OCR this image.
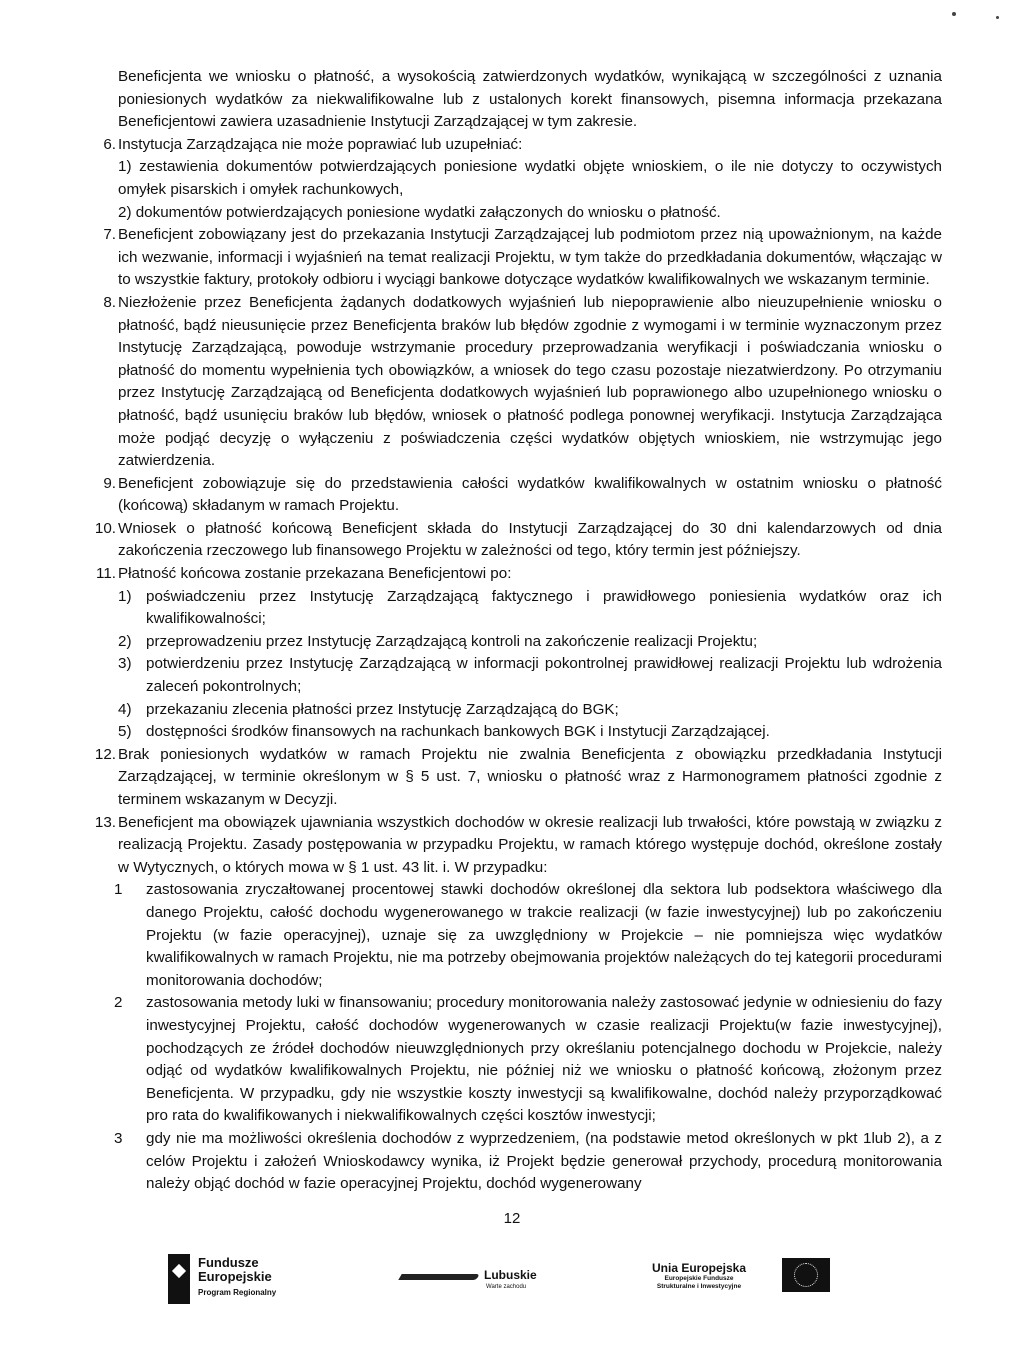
Beneficjenta we wniosku o płatność, a wysokością zatwierdzonych wydatków, wynikającą w szczególności z uznania poniesionych wydatków za niekwalifikowalne lub z ustalonych korekt finansowych, pisemna informacja przekazana Beneficjentowi zawiera uzasadnienie Instytucji Zarządzającej w tym zakresie.
6. Instytucja Zarządzająca nie może poprawiać lub uzupełniać:
1) zestawienia dokumentów potwierdzających poniesione wydatki objęte wnioskiem, o ile nie dotyczy to oczywistych omyłek pisarskich i omyłek rachunkowych,
2) dokumentów potwierdzających poniesione wydatki załączonych do wniosku o płatność.
7. Beneficjent zobowiązany jest do przekazania Instytucji Zarządzającej lub podmiotom przez nią upoważnionym, na każde ich wezwanie, informacji i wyjaśnień na temat realizacji Projektu, w tym także do przedkładania dokumentów, włączając w to wszystkie faktury, protokoły odbioru i wyciągi bankowe dotyczące wydatków kwalifikowalnych we wskazanym terminie.
8. Niezłożenie przez Beneficjenta żądanych dodatkowych wyjaśnień lub niepoprawienie albo nieuzupełnienie wniosku o płatność, bądź nieusunięcie przez Beneficjenta braków lub błędów zgodnie z wymogami i w terminie wyznaczonym przez Instytucję Zarządzającą, powoduje wstrzymanie procedury przeprowadzania weryfikacji i poświadczania wniosku o płatność do momentu wypełnienia tych obowiązków, a wniosek do tego czasu pozostaje niezatwierdzony. Po otrzymaniu przez Instytucję Zarządzającą od Beneficjenta dodatkowych wyjaśnień lub poprawionego albo uzupełnionego wniosku o płatność, bądź usunięciu braków lub błędów, wniosek o płatność podlega ponownej weryfikacji. Instytucja Zarządzająca może podjąć decyzję o wyłączeniu z poświadczenia części wydatków objętych wnioskiem, nie wstrzymując jego zatwierdzenia.
9. Beneficjent zobowiązuje się do przedstawienia całości wydatków kwalifikowalnych w ostatnim wniosku o płatność (końcową) składanym w ramach Projektu.
10. Wniosek o płatność końcową Beneficjent składa do Instytucji Zarządzającej do 30 dni kalendarzowych od dnia zakończenia rzeczowego lub finansowego Projektu w zależności od tego, który termin jest późniejszy.
11. Płatność końcowa zostanie przekazana Beneficjentowi po:
1) poświadczeniu przez Instytucję Zarządzającą faktycznego i prawidłowego poniesienia wydatków oraz ich kwalifikowalności;
2) przeprowadzeniu przez Instytucję Zarządzającą kontroli na zakończenie realizacji Projektu;
3) potwierdzeniu przez Instytucję Zarządzającą w informacji pokontrolnej prawidłowej realizacji Projektu lub wdrożenia zaleceń pokontrolnych;
4) przekazaniu zlecenia płatności przez Instytucję Zarządzającą do BGK;
5) dostępności środków finansowych na rachunkach bankowych BGK i Instytucji Zarządzającej.
12. Brak poniesionych wydatków w ramach Projektu nie zwalnia Beneficjenta z obowiązku przedkładania Instytucji Zarządzającej, w terminie określonym w § 5 ust. 7, wniosku o płatność wraz z Harmonogramem płatności zgodnie z terminem wskazanym w Decyzji.
13. Beneficjent ma obowiązek ujawniania wszystkich dochodów w okresie realizacji lub trwałości, które powstają w związku z realizacją Projektu. Zasady postępowania w przypadku Projektu, w ramach którego występuje dochód, określone zostały w Wytycznych, o których mowa w § 1 ust. 43 lit. i. W przypadku:
1 zastosowania zryczałtowanej procentowej stawki dochodów określonej dla sektora lub podsektora właściwego dla danego Projektu, całość dochodu wygenerowanego w trakcie realizacji (w fazie inwestycyjnej) lub po zakończeniu Projektu (w fazie operacyjnej), uznaje się za uwzględniony w Projekcie – nie pomniejsza więc wydatków kwalifikowalnych w ramach Projektu, nie ma potrzeby obejmowania projektów należących do tej kategorii procedurami monitorowania dochodów;
2 zastosowania metody luki w finansowaniu; procedury monitorowania należy zastosować jedynie w odniesieniu do fazy inwestycyjnej Projektu, całość dochodów wygenerowanych w czasie realizacji Projektu(w fazie inwestycyjnej), pochodzących ze źródeł dochodów nieuwzględnionych przy określaniu potencjalnego dochodu w Projekcie, należy odjąć od wydatków kwalifikowalnych Projektu, nie później niż we wniosku o płatność końcową, złożonym przez Beneficjenta. W przypadku, gdy nie wszystkie koszty inwestycji są kwalifikowalne, dochód należy przyporządkować pro rata do kwalifikowanych i niekwalifikowalnych części kosztów inwestycji;
3 gdy nie ma możliwości określenia dochodów z wyprzedzeniem, (na podstawie metod określonych w pkt 1lub 2), a z celów Projektu i założeń Wnioskodawcy wynika, iż Projekt będzie generował przychody, procedurą monitorowania należy objąć dochód w fazie operacyjnej Projektu, dochód wygenerowany
12
Fundusze
Europejskie
Program Regionalny
Lubuskie
Warte zachodu
Unia Europejska
Europejskie Fundusze
Strukturalne i Inwestycyjne
